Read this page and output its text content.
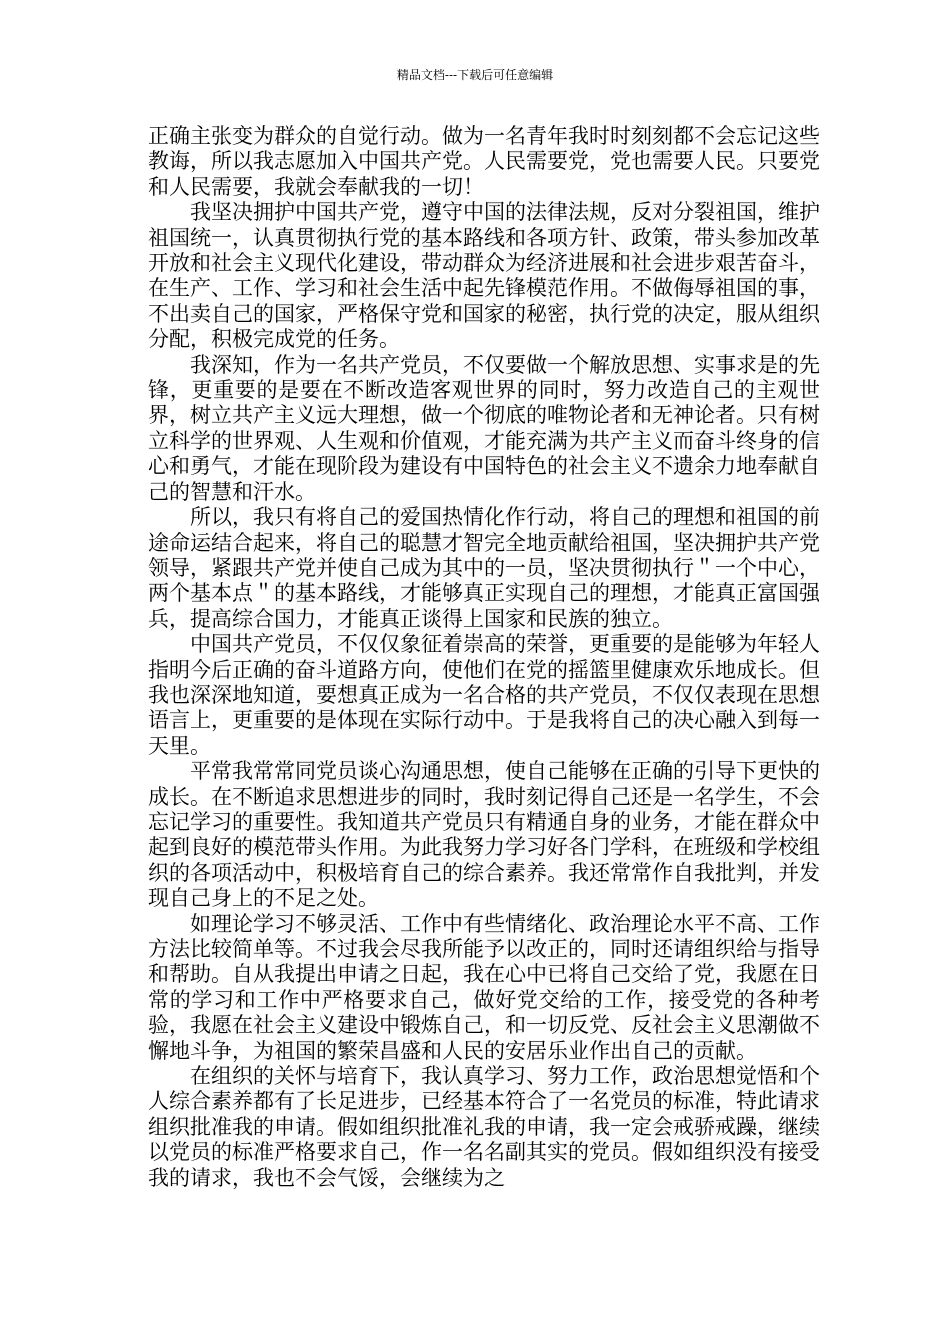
精品文档---下载后可任意编辑

正确主张变为群众的自觉行动。做为一名青年我时时刻刻都不会忘记这些教诲，所以我志愿加入中国共产党。人民需要党，党也需要人民。只要党和人民需要，我就会奉献我的一切！

我坚决拥护中国共产党，遵守中国的法律法规，反对分裂祖国，维护祖国统一，认真贯彻执行党的基本路线和各项方针、政策，带头参加改革开放和社会主义现代化建设，带动群众为经济进展和社会进步艰苦奋斗，在生产、工作、学习和社会生活中起先锋模范作用。不做侮辱祖国的事，不出卖自己的国家，严格保守党和国家的秘密，执行党的决定，服从组织分配，积极完成党的任务。

我深知，作为一名共产党员，不仅要做一个解放思想、实事求是的先锋，更重要的是要在不断改造客观世界的同时，努力改造自己的主观世界，树立共产主义远大理想，做一个彻底的唯物论者和无神论者。只有树立科学的世界观、人生观和价值观，才能充满为共产主义而奋斗终身的信心和勇气，才能在现阶段为建设有中国特色的社会主义不遗余力地奉献自己的智慧和汗水。

所以，我只有将自己的爱国热情化作行动，将自己的理想和祖国的前途命运结合起来，将自己的聪慧才智完全地贡献给祖国，坚决拥护共产党领导，紧跟共产党并使自己成为其中的一员，坚决贯彻执行＂一个中心，两个基本点＂的基本路线，才能够真正实现自己的理想，才能真正富国强兵，提高综合国力，才能真正谈得上国家和民族的独立。

中国共产党员，不仅仅象征着崇高的荣誉，更重要的是能够为年轻人指明今后正确的奋斗道路方向，使他们在党的摇篮里健康欢乐地成长。但我也深深地知道，要想真正成为一名合格的共产党员，不仅仅表现在思想语言上，更重要的是体现在实际行动中。于是我将自己的决心融入到每一天里。

平常我常常同党员谈心沟通思想，使自己能够在正确的引导下更快的成长。在不断追求思想进步的同时，我时刻记得自己还是一名学生，不会忘记学习的重要性。我知道共产党员只有精通自身的业务，才能在群众中起到良好的模范带头作用。为此我努力学习好各门学科，在班级和学校组织的各项活动中，积极培育自己的综合素养。我还常常作自我批判，并发现自己身上的不足之处。

如理论学习不够灵活、工作中有些情绪化、政治理论水平不高、工作方法比较简单等。不过我会尽我所能予以改正的，同时还请组织给与指导和帮助。自从我提出申请之日起，我在心中已将自己交给了党，我愿在日常的学习和工作中严格要求自己，做好党交给的工作，接受党的各种考验，我愿在社会主义建设中锻炼自己，和一切反党、反社会主义思潮做不懈地斗争，为祖国的繁荣昌盛和人民的安居乐业作出自己的贡献。

在组织的关怀与培育下，我认真学习、努力工作，政治思想觉悟和个人综合素养都有了长足进步，已经基本符合了一名党员的标准，特此请求组织批准我的申请。假如组织批准礼我的申请，我一定会戒骄戒躁，继续以党员的标准严格要求自己，作一名名副其实的党员。假如组织没有接受我的请求，我也不会气馁，会继续为之
